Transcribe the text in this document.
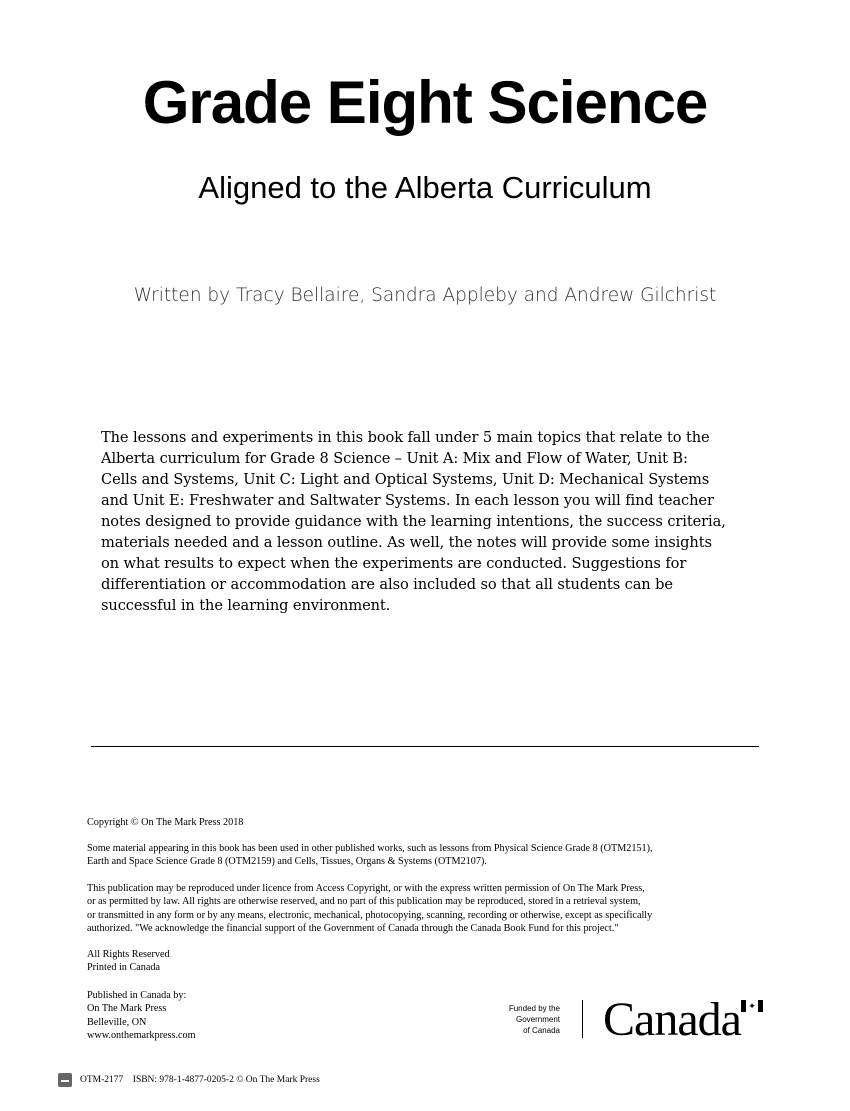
Grade Eight Science
Aligned to the Alberta Curriculum
Written by Tracy Bellaire, Sandra Appleby and Andrew Gilchrist
The lessons and experiments in this book fall under 5 main topics that relate to the
Alberta curriculum for Grade 8 Science – Unit A: Mix and Flow of Water, Unit B:
Cells and Systems, Unit C: Light and Optical Systems, Unit D: Mechanical Systems
and Unit E: Freshwater and Saltwater Systems. In each lesson you will find teacher
notes designed to provide guidance with the learning intentions, the success criteria,
materials needed and a lesson outline. As well, the notes will provide some insights
on what results to expect when the experiments are conducted. Suggestions for
differentiation or accommodation are also included so that all students can be
successful in the learning environment.
Copyright © On The Mark Press 2018
Some material appearing in this book has been used in other published works, such as lessons from Physical Science Grade 8 (OTM2151),
Earth and Space Science Grade 8 (OTM2159) and Cells, Tissues, Organs & Systems (OTM2107).
This publication may be reproduced under licence from Access Copyright, or with the express written permission of On The Mark Press,
or as permitted by law. All rights are otherwise reserved, and no part of this publication may be reproduced, stored in a retrieval system,
or transmitted in any form or by any means, electronic, mechanical, photocopying, scanning, recording or otherwise, except as specifically
authorized. "We acknowledge the financial support of the Government of Canada through the Canada Book Fund for this project."
All Rights Reserved
Printed in Canada
Published in Canada by:
On The Mark Press
Belleville, ON
www.onthemarkpress.com
Funded by the
Government
of Canada Canada ✦
OTM-2177    ISBN: 978-1-4877-0205-2 © On The Mark Press
